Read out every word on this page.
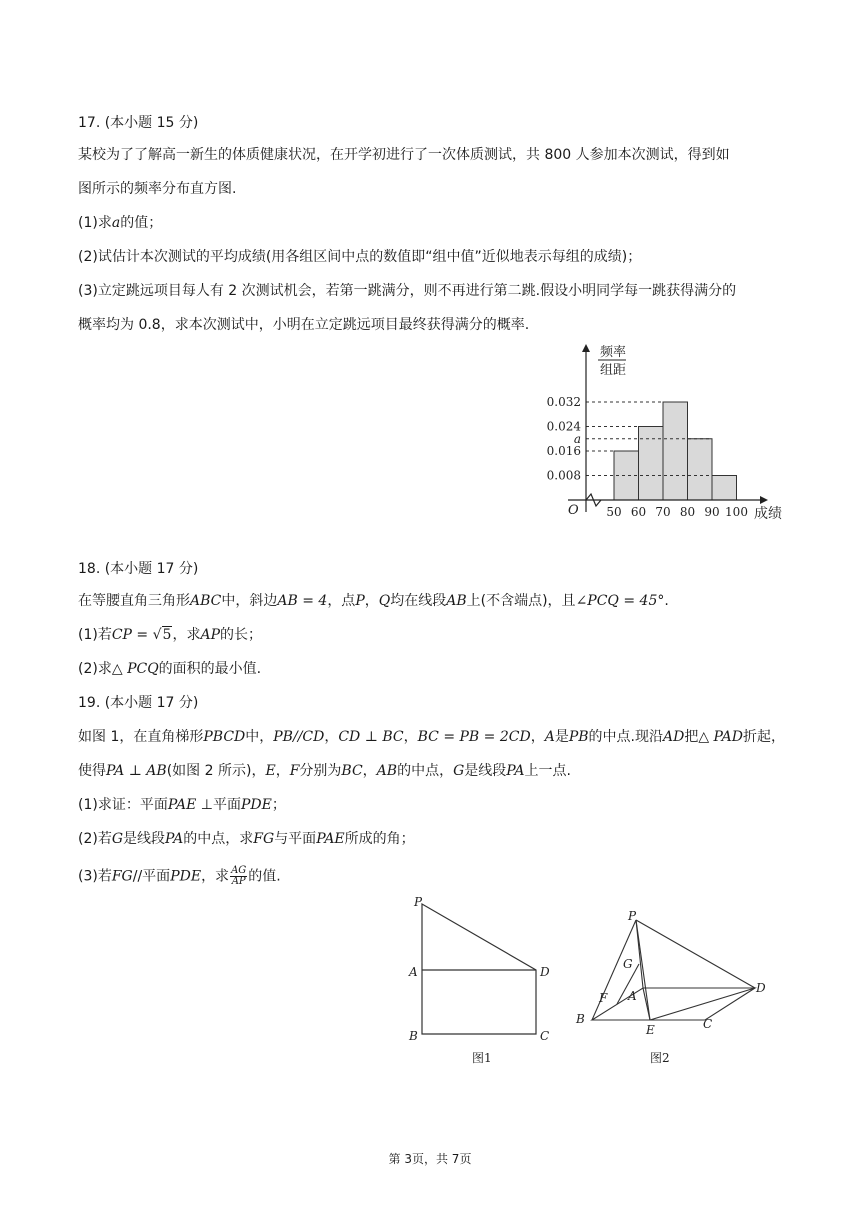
17. (本小题 15 分)
某校为了了解高一新生的体质健康状况，在开学初进行了一次体质测试，共 800 人参加本次测试，得到如
图所示的频率分布直方图.
(1)求a的值；
(2)试估计本次测试的平均成绩(用各组区间中点的数值即“组中值”近似地表示每组的成绩)；
(3)立定跳远项目每人有 2 次测试机会，若第一跳满分，则不再进行第二跳.假设小明同学每一跳获得满分的
概率均为 0.8，求本次测试中，小明在立定跳远项目最终获得满分的概率.
频率
组距
成绩
O
0.032
0.024
a
0.016
0.008
50 60 70 80 90 100
18. (本小题 17 分)
在等腰直角三角形ABC中，斜边AB = 4，点P，Q均在线段AB上(不含端点)，且∠PCQ = 45°.
(1)若CP = √5，求AP的长；
(2)求△ PCQ的面积的最小值.
19. (本小题 17 分)
如图 1，在直角梯形PBCD中，PB//CD，CD ⊥ BC，BC = PB = 2CD，A是PB的中点.现沿AD把△ PAD折起，
使得PA ⊥ AB(如图 2 所示)，E，F分别为BC，AB的中点，G是线段PA上一点.
(1)求证：平面PAE ⊥平面PDE；
(2)若G是线段PA的中点，求FG与平面PAE所成的角；
(3)若FG//平面PDE，求 $\frac{AG}{AP}$ 的值.
P
A
B	C
D
图1
P
G
F A
B
E	C
D
图2
第 3页，共 7页
